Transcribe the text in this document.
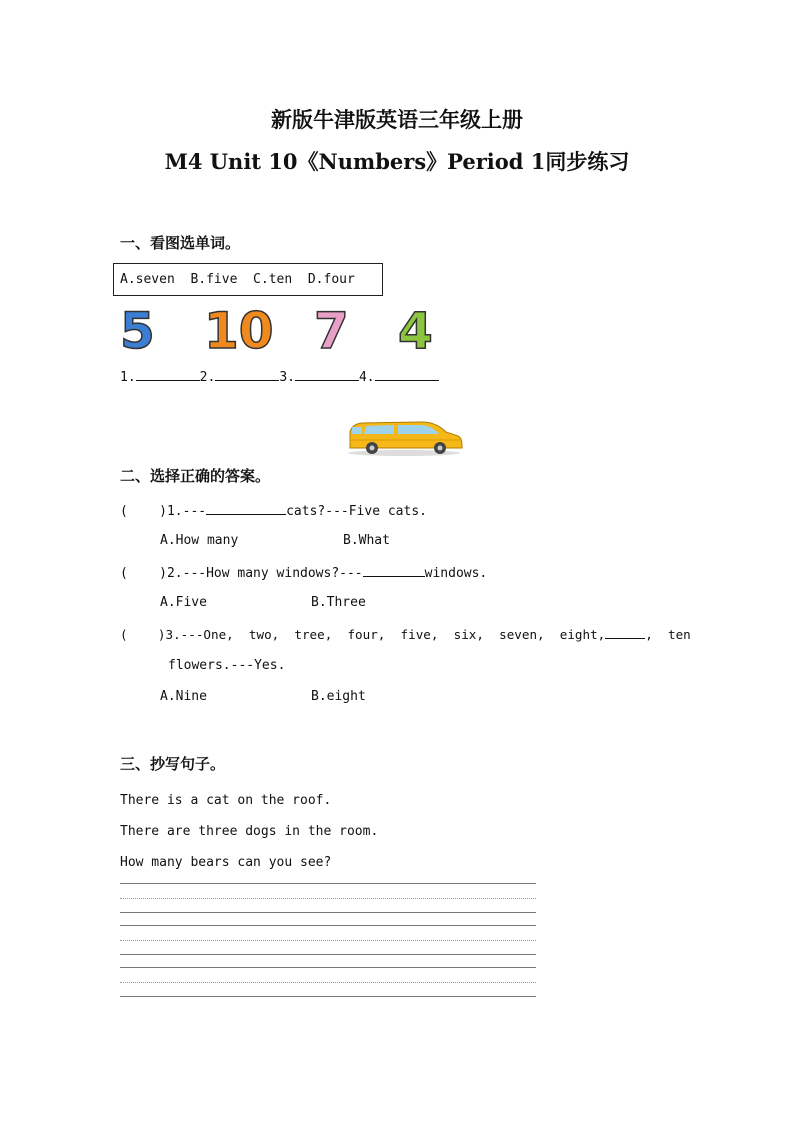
新版牛津版英语三年级上册
M4 Unit 10《Numbers》Period 1同步练习
一、看图选单词。
A.seven  B.five  C.ten  D.four
5 10 7 4
1.	2.	3.	4.
二、选择正确的答案。
(    )1.---	cats?---Five cats.
A.How many	B.What
(    )2.---How many windows?---	windows.
A.Five	B.Three
(    )3.---One,  two,  tree,  four,  five,  six,  seven,  eight,	,  ten
flowers.---Yes.
A.Nine	B.eight
三、抄写句子。
There is a cat on the roof.
There are three dogs in the room.
How many bears can you see?
